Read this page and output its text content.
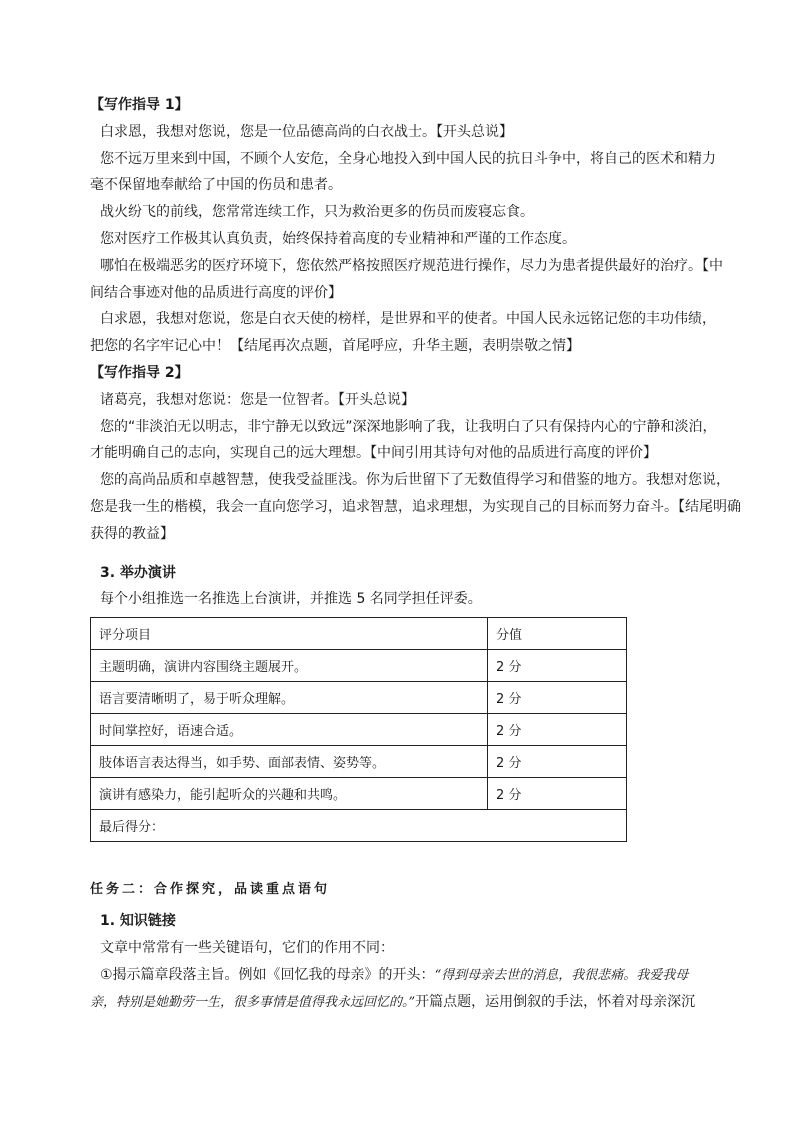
【写作指导 1】

白求恩，我想对您说，您是一位品德高尚的白衣战士。【开头总说】

您不远万里来到中国，不顾个人安危，全身心地投入到中国人民的抗日斗争中，将自己的医术和精力

毫不保留地奉献给了中国的伤员和患者。

战火纷飞的前线，您常常连续工作，只为救治更多的伤员而废寝忘食。

您对医疗工作极其认真负责，始终保持着高度的专业精神和严谨的工作态度。

哪怕在极端恶劣的医疗环境下，您依然严格按照医疗规范进行操作，尽力为患者提供最好的治疗。【中

间结合事迹对他的品质进行高度的评价】

白求恩，我想对您说，您是白衣天使的榜样，是世界和平的使者。中国人民永远铭记您的丰功伟绩，

把您的名字牢记心中！【结尾再次点题，首尾呼应，升华主题，表明崇敬之情】

【写作指导 2】

诸葛亮，我想对您说：您是一位智者。【开头总说】

您的“非淡泊无以明志，非宁静无以致远”深深地影响了我，让我明白了只有保持内心的宁静和淡泊，

才能明确自己的志向，实现自己的远大理想。【中间引用其诗句对他的品质进行高度的评价】

您的高尚品质和卓越智慧，使我受益匪浅。你为后世留下了无数值得学习和借鉴的地方。我想对您说，

您是我一生的楷模，我会一直向您学习，追求智慧，追求理想，为实现自己的目标而努力奋斗。【结尾明确

获得的教益】

3. 举办演讲

每个小组推选一名推选上台演讲，并推选 5 名同学担任评委。

评分项目	分值
主题明确，演讲内容围绕主题展开。	2 分
语言要清晰明了，易于听众理解。	2 分
时间掌控好，语速合适。	2 分
肢体语言表达得当，如手势、面部表情、姿势等。	2 分
演讲有感染力，能引起听众的兴趣和共鸣。	2 分
最后得分：	
任务二：合作探究，品读重点语句

1. 知识链接

文章中常常有一些关键语句，它们的作用不同：

①揭示篇章段落主旨。例如《回忆我的母亲》的开头：“得到母亲去世的消息，我很悲痛。我爱我母

亲，特别是她勤劳一生，很多事情是值得我永远回忆的。”开篇点题，运用倒叙的手法，怀着对母亲深沉
